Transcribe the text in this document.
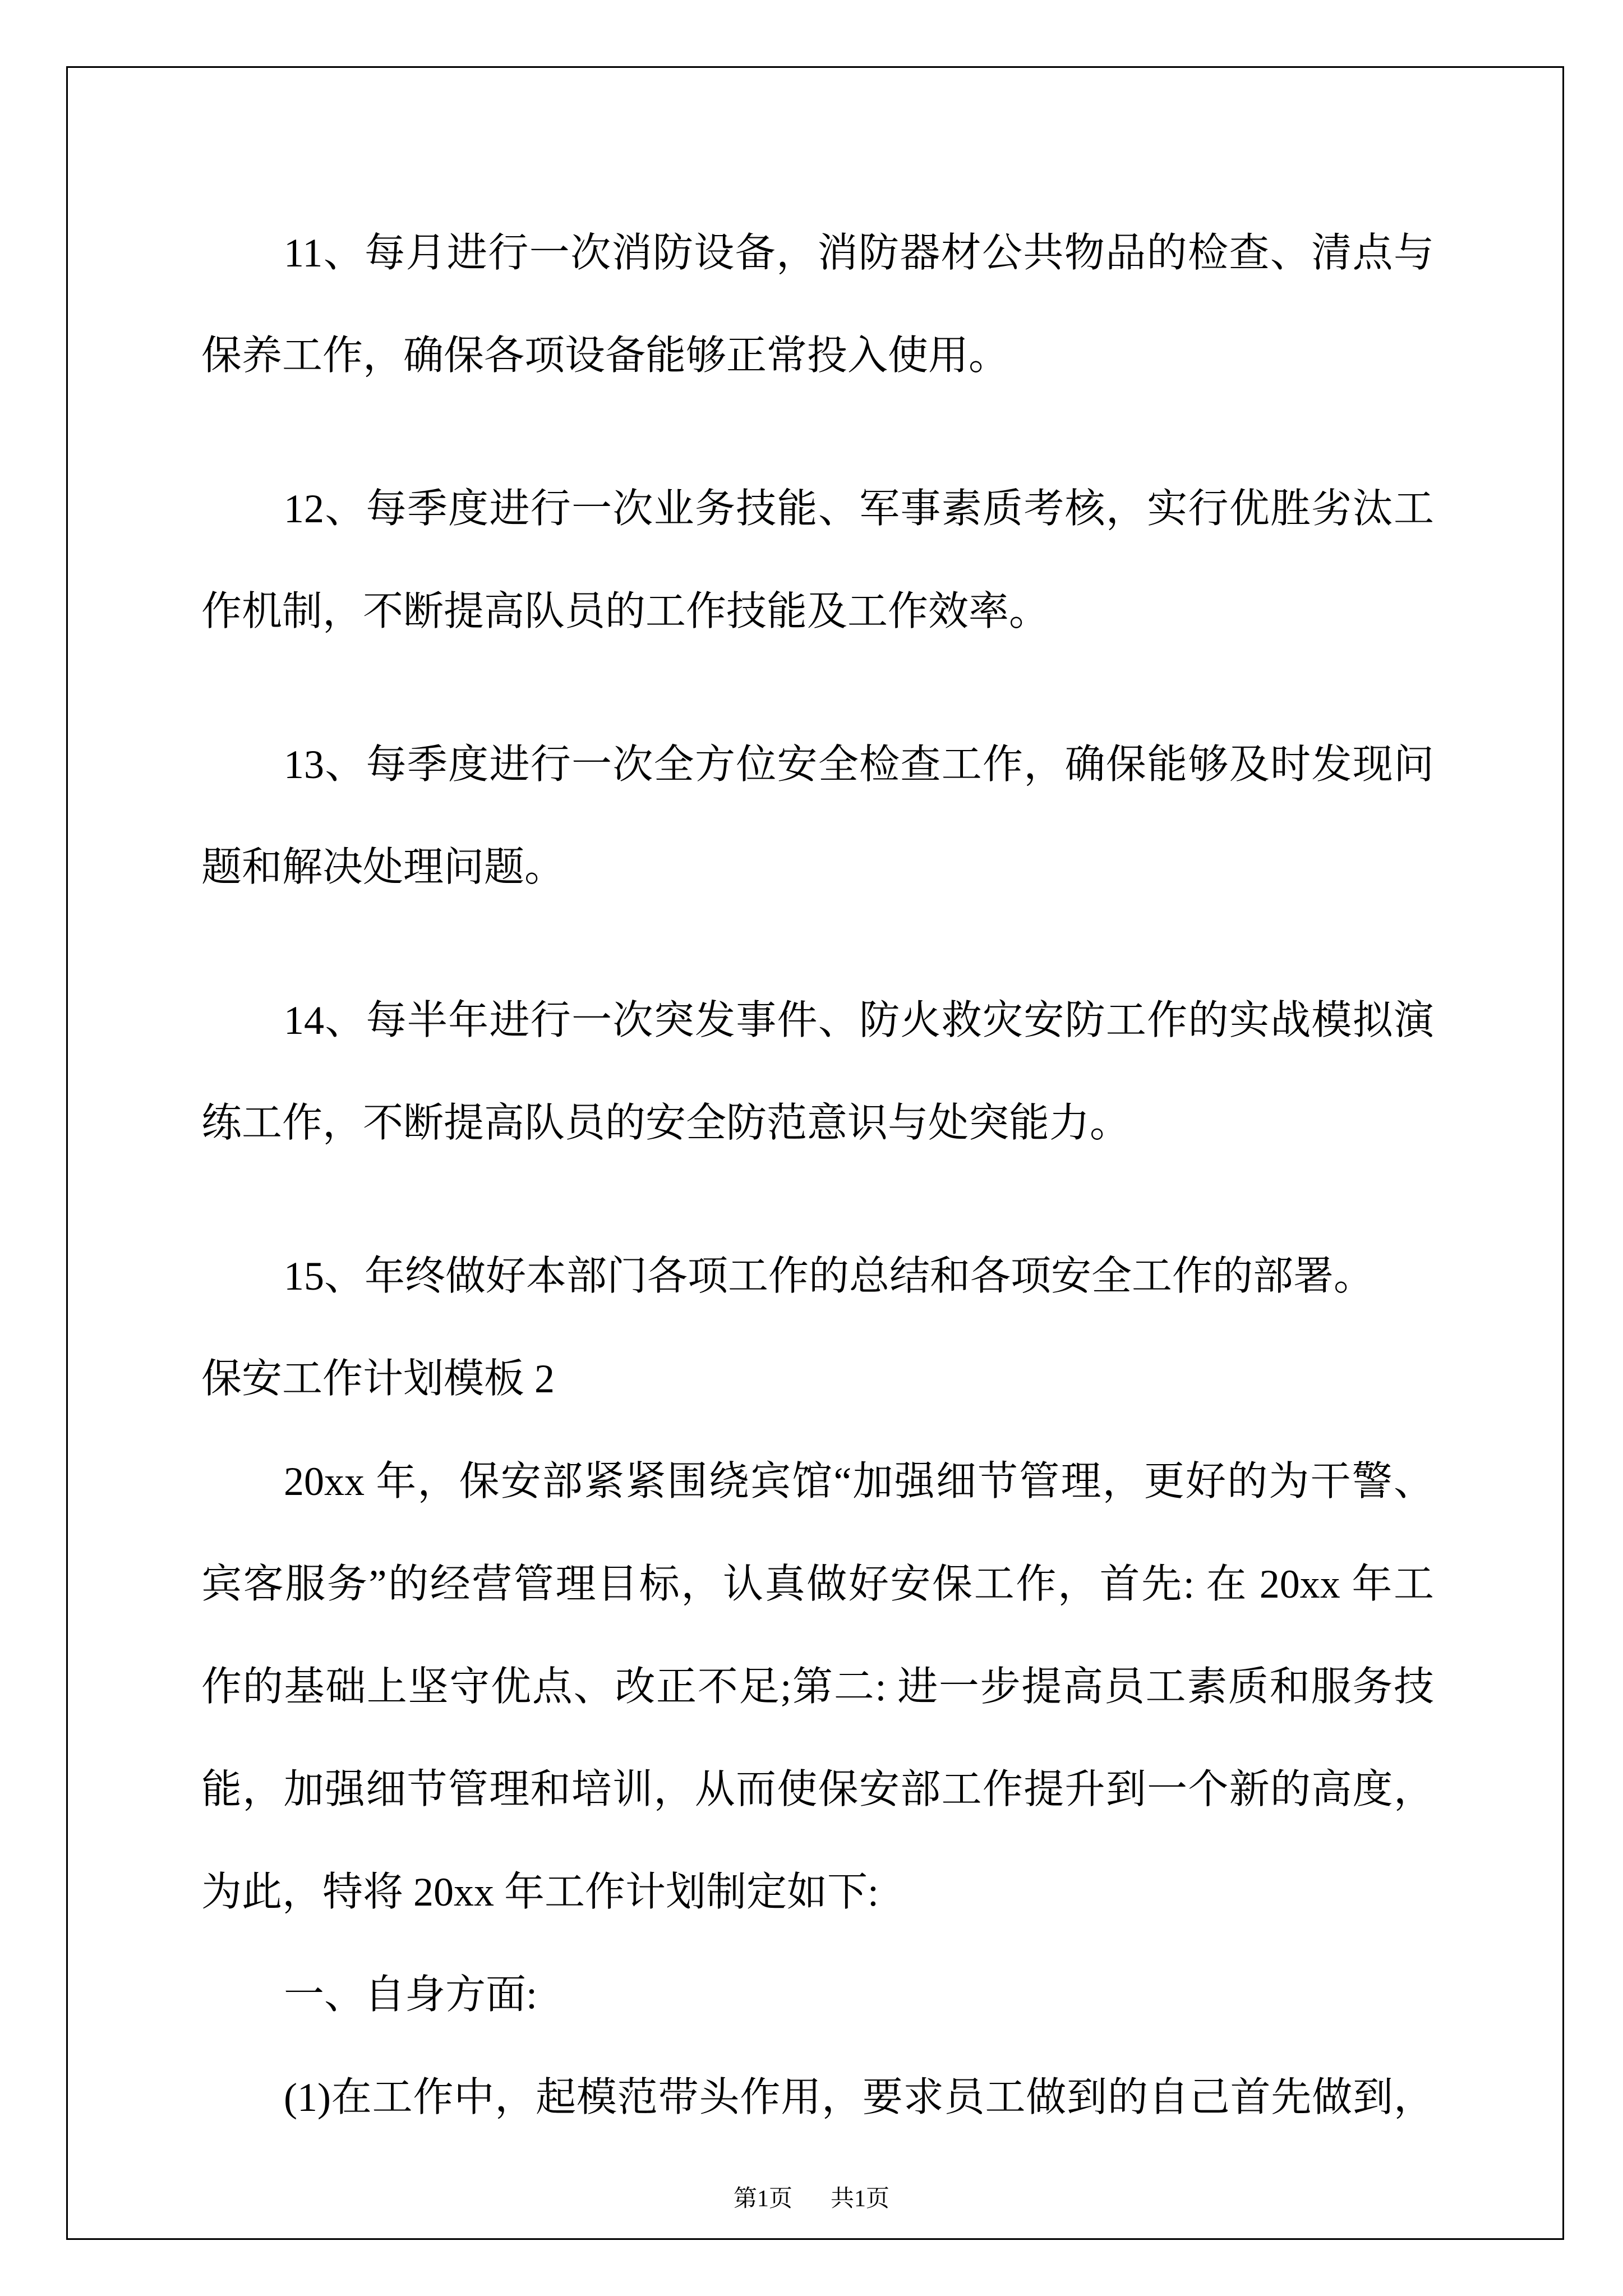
11、每月进行一次消防设备，消防器材公共物品的检查、清点与
保养工作，确保各项设备能够正常投入使用。
12、每季度进行一次业务技能、军事素质考核，实行优胜劣汰工
作机制，不断提高队员的工作技能及工作效率。
13、每季度进行一次全方位安全检查工作，确保能够及时发现问
题和解决处理问题。
14、每半年进行一次突发事件、防火救灾安防工作的实战模拟演
练工作，不断提高队员的安全防范意识与处突能力。
15、年终做好本部门各项工作的总结和各项安全工作的部署。
保安工作计划模板 2
20xx 年，保安部紧紧围绕宾馆“加强细节管理，更好的为干警、
宾客服务”的经营管理目标，认真做好安保工作，首先: 在 20xx 年工
作的基础上坚守优点、改正不足;第二: 进一步提高员工素质和服务技
能，加强细节管理和培训，从而使保安部工作提升到一个新的高度，
为此，特将 20xx 年工作计划制定如下:
一、自身方面:
(1)在工作中，起模范带头作用，要求员工做到的自己首先做到，
第1页 共1页
